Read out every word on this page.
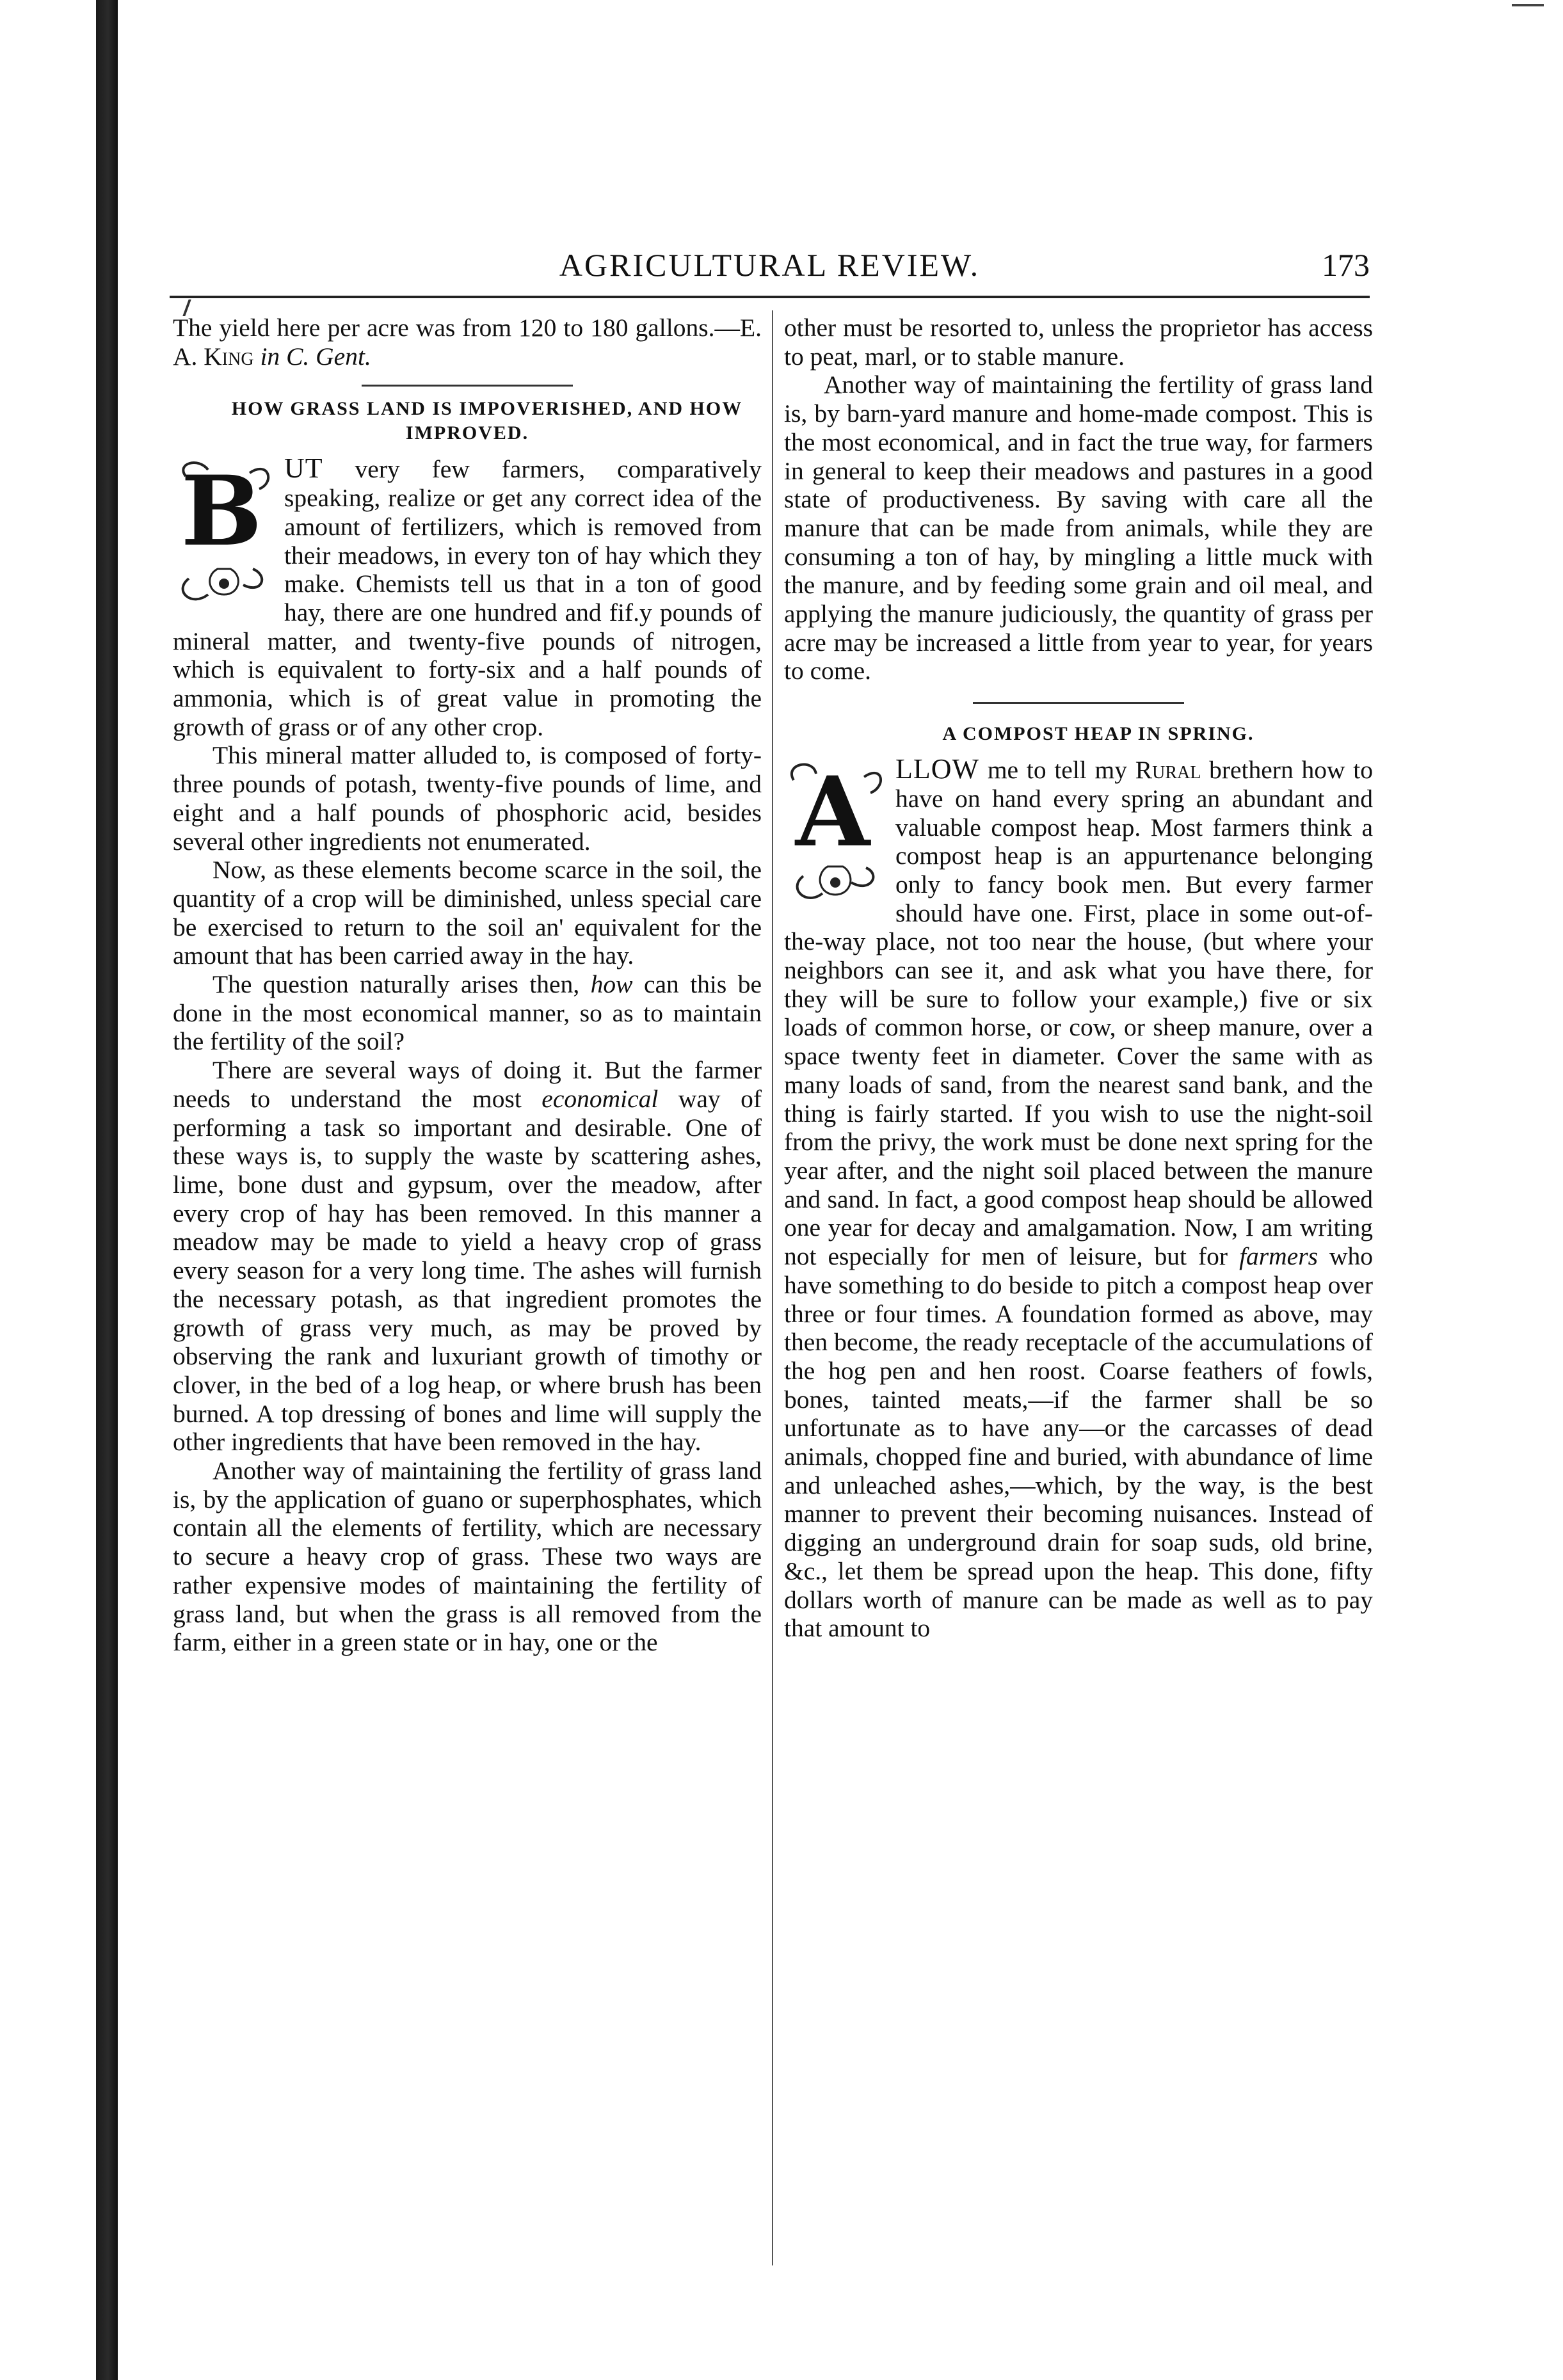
AGRICULTURAL REVIEW.	173

The yield here per acre was from 120 to 180 gallons.—E. A. King in C. Gent.

HOW GRASS LAND IS IMPOVERISHED, AND HOW IMPROVED.

B UT very few farmers, comparatively speaking, realize or get any correct idea of the amount of fertilizers, which is removed from their meadows, in every ton of hay which they make. Chemists tell us that in a ton of good hay, there are one hundred and fif.y pounds of mineral matter, and twenty-five pounds of nitrogen, which is equivalent to forty-six and a half pounds of ammonia, which is of great value in promoting the growth of grass or of any other crop.

This mineral matter alluded to, is composed of forty-three pounds of potash, twenty-five pounds of lime, and eight and a half pounds of phosphoric acid, besides several other ingredients not enumerated.

Now, as these elements become scarce in the soil, the quantity of a crop will be diminished, unless special care be exercised to return to the soil an' equivalent for the amount that has been carried away in the hay.

The question naturally arises then, how can this be done in the most economical manner, so as to maintain the fertility of the soil?

There are several ways of doing it. But the farmer needs to understand the most economical way of performing a task so important and desirable. One of these ways is, to supply the waste by scattering ashes, lime, bone dust and gypsum, over the meadow, after every crop of hay has been removed. In this manner a meadow may be made to yield a heavy crop of grass every season for a very long time. The ashes will furnish the necessary potash, as that ingredient promotes the growth of grass very much, as may be proved by observing the rank and luxuriant growth of timothy or clover, in the bed of a log heap, or where brush has been burned. A top dressing of bones and lime will supply the other ingredients that have been removed in the hay.

Another way of maintaining the fertility of grass land is, by the application of guano or superphosphates, which contain all the elements of fertility, which are necessary to secure a heavy crop of grass. These two ways are rather expensive modes of maintaining the fertility of grass land, but when the grass is all removed from the farm, either in a green state or in hay, one or the

other must be resorted to, unless the proprietor has access to peat, marl, or to stable manure.

Another way of maintaining the fertility of grass land is, by barn-yard manure and home-made compost. This is the most economical, and in fact the true way, for farmers in general to keep their meadows and pastures in a good state of productiveness. By saving with care all the manure that can be made from animals, while they are consuming a ton of hay, by mingling a little muck with the manure, and by feeding some grain and oil meal, and applying the manure judiciously, the quantity of grass per acre may be increased a little from year to year, for years to come.

A COMPOST HEAP IN SPRING.

A LLOW me to tell my Rural brethern how to have on hand every spring an abundant and valuable compost heap. Most farmers think a compost heap is an appurtenance belonging only to fancy book men. But every farmer should have one. First, place in some out-of-the-way place, not too near the house, (but where your neighbors can see it, and ask what you have there, for they will be sure to follow your example,) five or six loads of common horse, or cow, or sheep manure, over a space twenty feet in diameter. Cover the same with as many loads of sand, from the nearest sand bank, and the thing is fairly started. If you wish to use the night-soil from the privy, the work must be done next spring for the year after, and the night soil placed between the manure and sand. In fact, a good compost heap should be allowed one year for decay and amalgamation. Now, I am writing not especially for men of leisure, but for farmers who have something to do beside to pitch a compost heap over three or four times. A foundation formed as above, may then become, the ready receptacle of the accumulations of the hog pen and hen roost. Coarse feathers of fowls, bones, tainted meats,—if the farmer shall be so unfortunate as to have any—or the carcasses of dead animals, chopped fine and buried, with abundance of lime and unleached ashes,—which, by the way, is the best manner to prevent their becoming nuisances. Instead of digging an underground drain for soap suds, old brine, &c., let them be spread upon the heap. This done, fifty dollars worth of manure can be made as well as to pay that amount to
